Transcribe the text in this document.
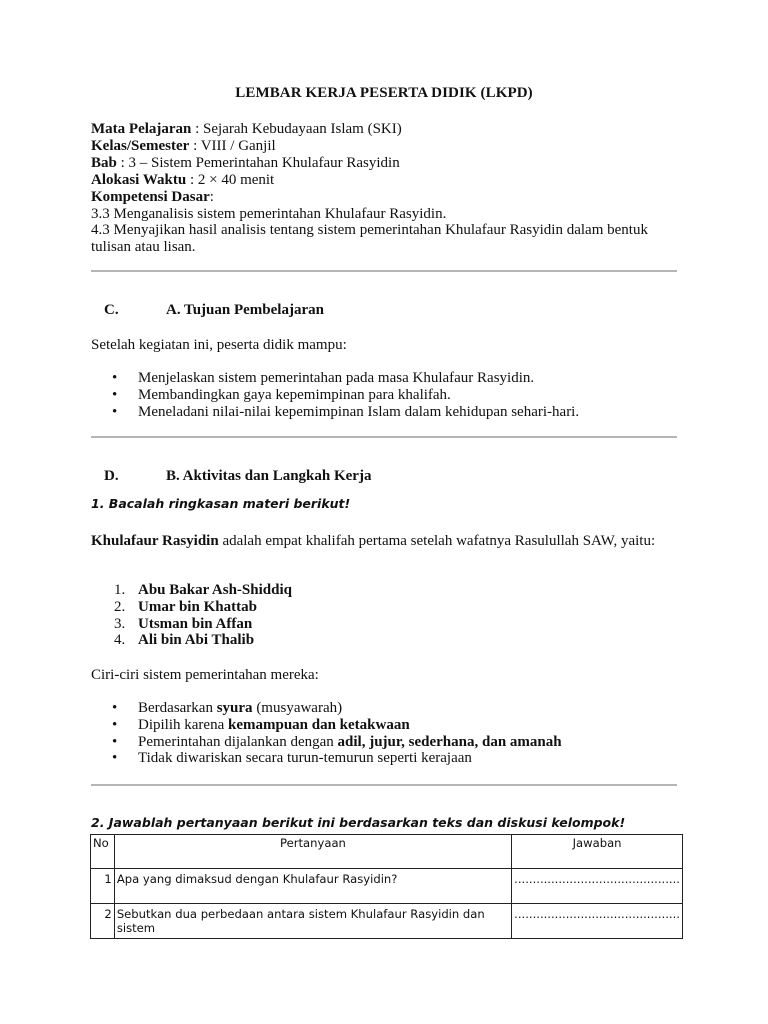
LEMBAR KERJA PESERTA DIDIK (LKPD)
Mata Pelajaran : Sejarah Kebudayaan Islam (SKI)
Kelas/Semester : VIII / Ganjil
Bab : 3 – Sistem Pemerintahan Khulafaur Rasyidin
Alokasi Waktu : 2 × 40 menit
Kompetensi Dasar:
3.3 Menganalisis sistem pemerintahan Khulafaur Rasyidin.
4.3 Menyajikan hasil analisis tentang sistem pemerintahan Khulafaur Rasyidin dalam bentuk tulisan atau lisan.
C.	A. Tujuan Pembelajaran
Setelah kegiatan ini, peserta didik mampu:
• Menjelaskan sistem pemerintahan pada masa Khulafaur Rasyidin.
• Membandingkan gaya kepemimpinan para khalifah.
• Meneladani nilai-nilai kepemimpinan Islam dalam kehidupan sehari-hari.
D.	B. Aktivitas dan Langkah Kerja
1. Bacalah ringkasan materi berikut!
Khulafaur Rasyidin adalah empat khalifah pertama setelah wafatnya Rasulullah SAW, yaitu:
1. Abu Bakar Ash-Shiddiq
2. Umar bin Khattab
3. Utsman bin Affan
4. Ali bin Abi Thalib
Ciri-ciri sistem pemerintahan mereka:
• Berdasarkan syura (musyawarah)
• Dipilih karena kemampuan dan ketakwaan
• Pemerintahan dijalankan dengan adil, jujur, sederhana, dan amanah
• Tidak diwariskan secara turun-temurun seperti kerajaan
2. Jawablah pertanyaan berikut ini berdasarkan teks dan diskusi kelompok!
No	Pertanyaan	Jawaban
1	Apa yang dimaksud dengan Khulafaur Rasyidin?	.............................................
2	Sebutkan dua perbedaan antara sistem Khulafaur Rasyidin dan sistem	.............................................
